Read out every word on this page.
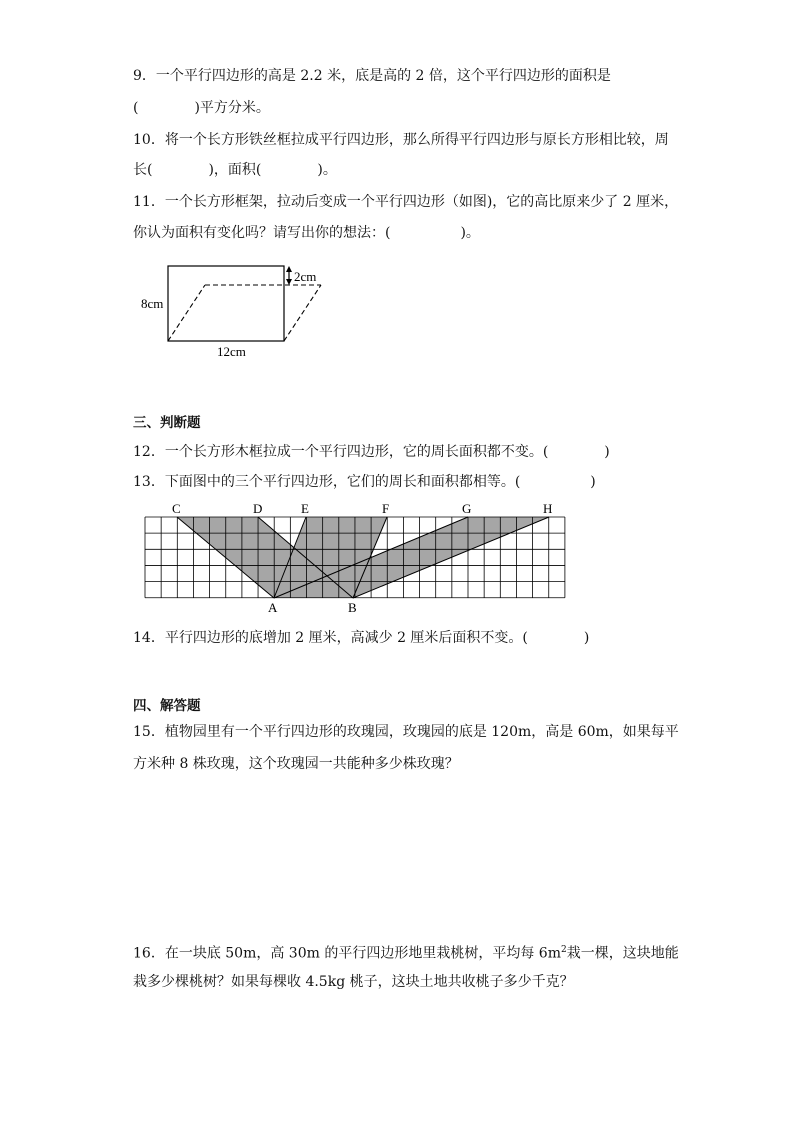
9．一个平行四边形的高是 2.2 米，底是高的 2 倍，这个平行四边形的面积是
(　　　　)平方分米。
10．将一个长方形铁丝框拉成平行四边形，那么所得平行四边形与原长方形相比较，周
长(　　　　)，面积(　　　　)。
11．一个长方形框架，拉动后变成一个平行四边形（如图)，它的高比原来少了 2 厘米，
你认为面积有变化吗？请写出你的想法：(　　　　　)。
2cm
8cm
12cm
三、判断题
12．一个长方形木框拉成一个平行四边形，它的周长面积都不变。(　　　　)
13．下面图中的三个平行四边形，它们的周长和面积都相等。(　　　　　)
C	D	E	F	G	H
A	B
14．平行四边形的底增加 2 厘米，高减少 2 厘米后面积不变。(　　　　)
四、解答题
15．植物园里有一个平行四边形的玫瑰园，玫瑰园的底是 120m，高是 60m，如果每平
方米种 8 株玫瑰，这个玫瑰园一共能种多少株玫瑰？
16．在一块底 50m，高 30m 的平行四边形地里栽桃树，平均每 $6m^2$栽一棵，这块地能
栽多少棵桃树？如果每棵收 4.5kg 桃子，这块土地共收桃子多少千克？
